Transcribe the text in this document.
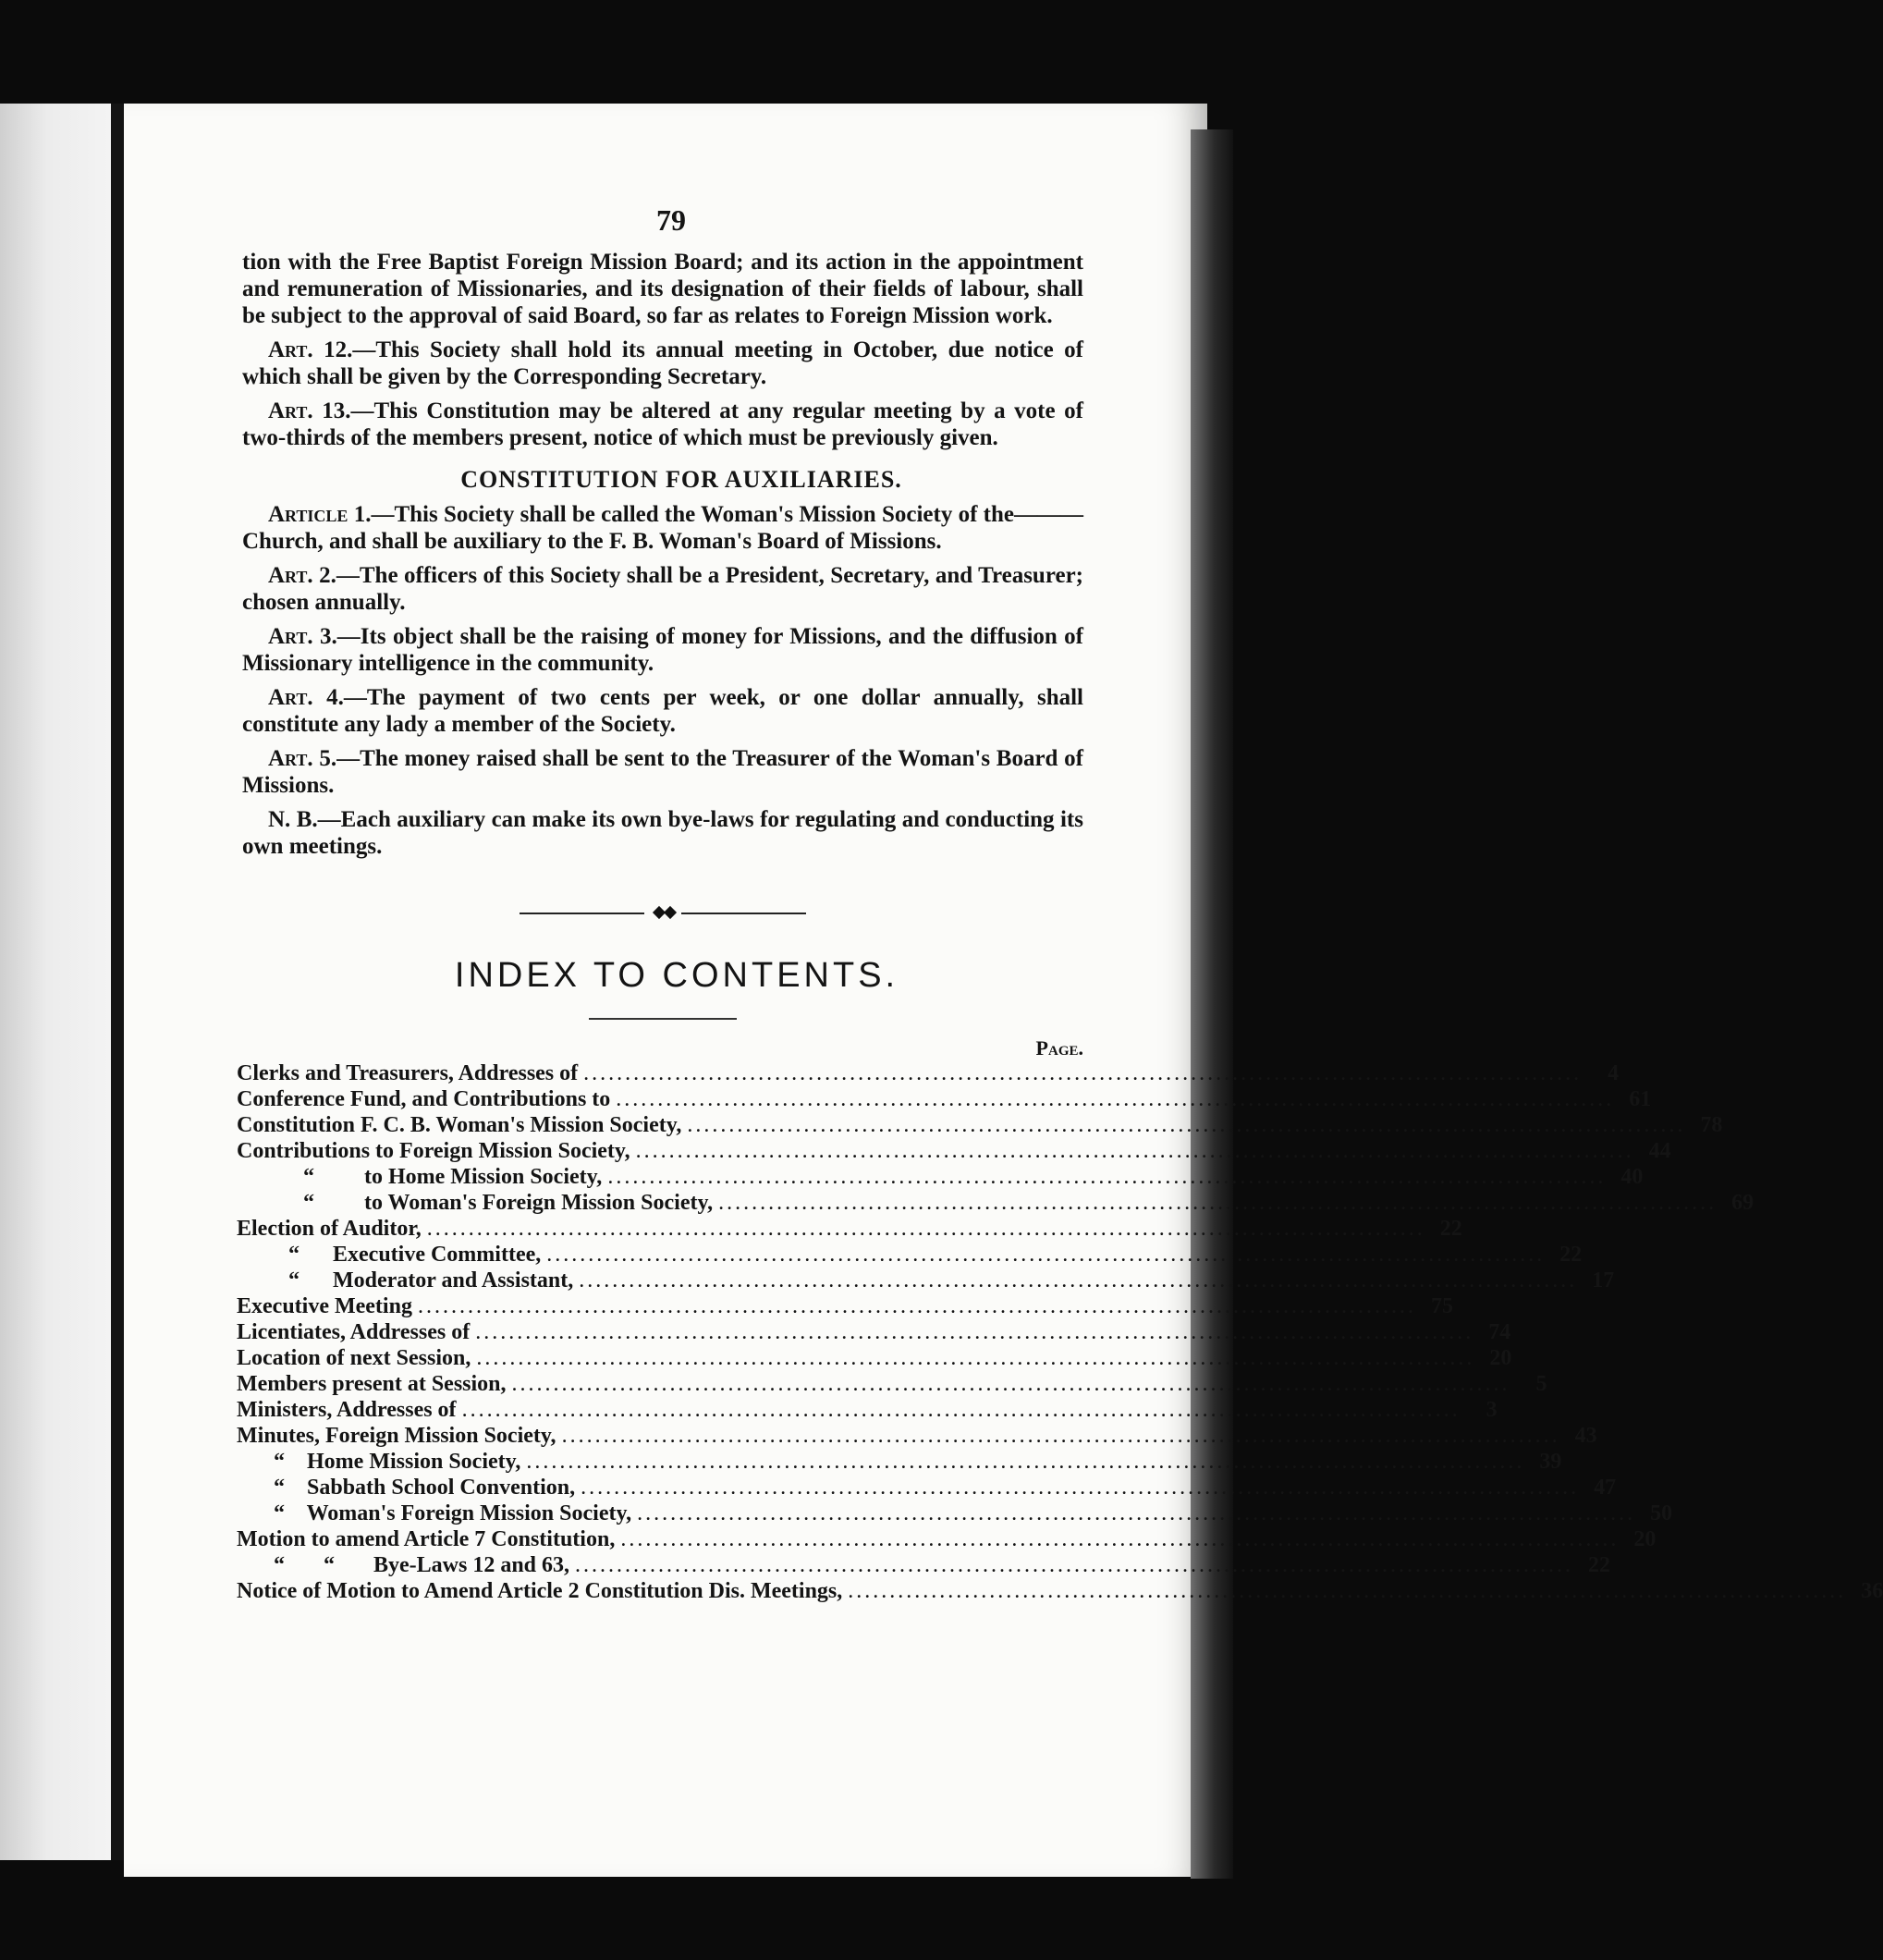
79
tion with the Free Baptist Foreign Mission Board; and its action in the appointment and remuneration of Missionaries, and its designation of their fields of labour, shall be subject to the approval of said Board, so far as relates to Foreign Mission work.
Art. 12.—This Society shall hold its annual meeting in October, due notice of which shall be given by the Corresponding Secretary.
Art. 13.—This Constitution may be altered at any regular meeting by a vote of two-thirds of the members present, notice of which must be previously given.
CONSTITUTION FOR AUXILIARIES.
Article 1.—This Society shall be called the Woman's Mission Society of the——— Church, and shall be auxiliary to the F. B. Woman's Board of Missions.
Art. 2.—The officers of this Society shall be a President, Secretary, and Treasurer; chosen annually.
Art. 3.—Its object shall be the raising of money for Missions, and the diffusion of Missionary intelligence in the community.
Art. 4.—The payment of two cents per week, or one dollar annually, shall constitute any lady a member of the Society.
Art. 5.—The money raised shall be sent to the Treasurer of the Woman's Board of Missions.
N. B.—Each auxiliary can make its own bye-laws for regulating and conducting its own meetings.
INDEX TO CONTENTS.
Page.
Clerks and Treasurers, Addresses of ........................................................................................................................	4
Conference Fund, and Contributions to ........................................................................................................................ 61
Constitution F. C. B. Woman's Mission Society, ........................................................................................................................ 78
Contributions to Foreign Mission Society, ........................................................................................................................ 44
“         to Home Mission Society, ........................................................................................................................ 40
“         to Woman's Foreign Mission Society, ........................................................................................................................ 69
Election of Auditor, ........................................................................................................................ 22
“      Executive Committee, ........................................................................................................................ 22
“      Moderator and Assistant, ........................................................................................................................ 17
Executive Meeting ........................................................................................................................ 75
Licentiates, Addresses of ........................................................................................................................ 74
Location of next Session, ........................................................................................................................ 20
Members present at Session, ........................................................................................................................	5
Ministers, Addresses of ........................................................................................................................	3
Minutes, Foreign Mission Society, ........................................................................................................................ 43
“    Home Mission Society, ........................................................................................................................ 39
“    Sabbath School Convention, ........................................................................................................................ 47
“    Woman's Foreign Mission Society, ........................................................................................................................ 50
Motion to amend Article 7 Constitution, ........................................................................................................................ 20
“       “       Bye-Laws 12 and 63, ........................................................................................................................ 22
Notice of Motion to Amend Article 2 Constitution Dis. Meetings, ........................................................................................................................ 36
